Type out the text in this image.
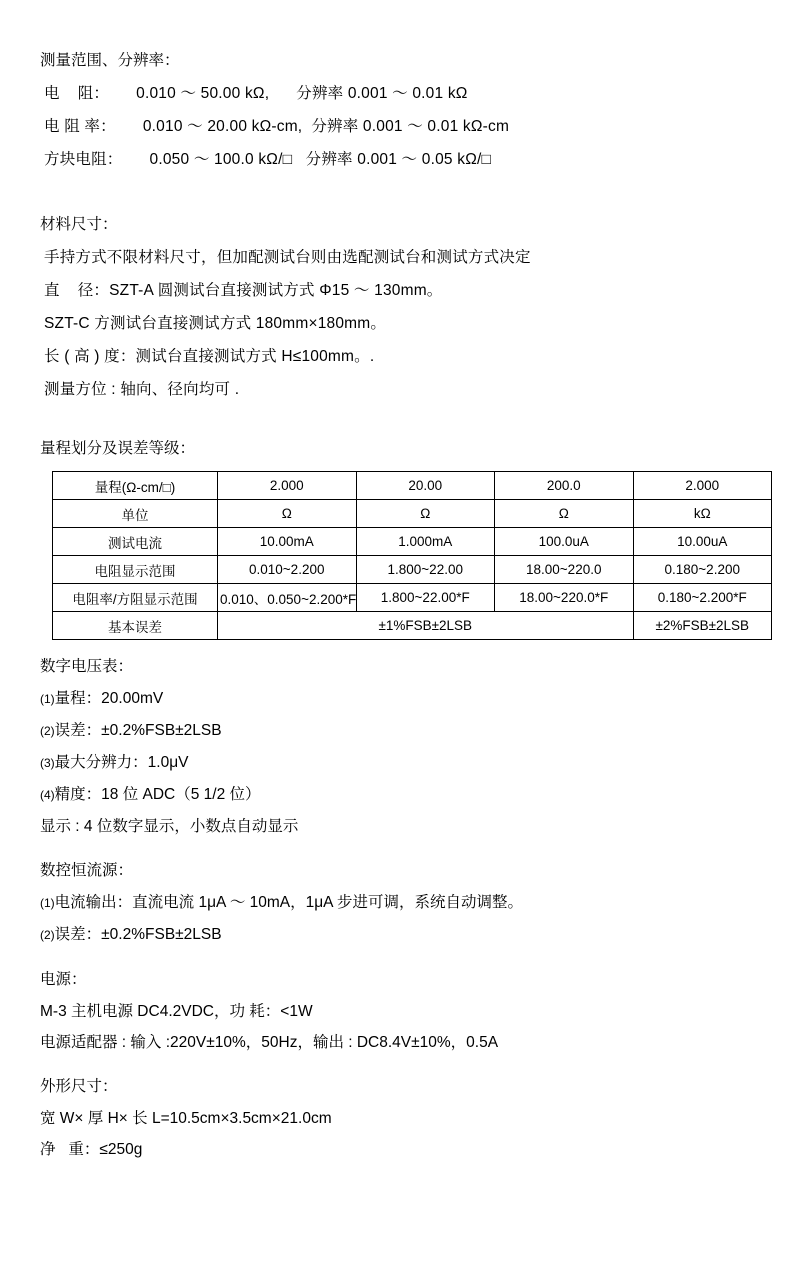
测量范围、分辨率：
电    阻：      0.010 ～ 50.00 kΩ,      分辨率 0.001 ～ 0.01 kΩ
电 阻 率：      0.010 ～ 20.00 kΩ-cm,  分辨率 0.001 ～ 0.01 kΩ-cm
方块电阻：      0.050 ～ 100.0 kΩ/□   分辨率 0.001 ～ 0.05 kΩ/□
材料尺寸：
手持方式不限材料尺寸，但加配测试台则由选配测试台和测试方式决定
直    径：SZT-A 圆测试台直接测试方式 Φ15 ～ 130mm。
SZT-C 方测试台直接测试方式 180mm×180mm。
长 ( 高 ) 度：测试台直接测试方式 H≤100mm。.
测量方位 : 轴向、径向均可 .
量程划分及误差等级：
量程(Ω-cm/□)	2.000	20.00	200.0	2.000
单位	Ω	Ω	Ω	kΩ
测试电流	10.00mA	1.000mA	100.0uA	10.00uA
电阻显示范围	0.010~2.200	1.800~22.00	18.00~220.0	0.180~2.200
电阻率/方阻显示范围	0.010、0.050~2.200*F	1.800~22.00*F	18.00~220.0*F	0.180~2.200*F
基本误差	±1%FSB±2LSB			±2%FSB±2LSB
数字电压表：
(1)量程：20.00mV
(2)误差：±0.2%FSB±2LSB
(3)最大分辨力：1.0μV
(4)精度：18 位 ADC（5 1/2 位）
显示 : 4 位数字显示，小数点自动显示
数控恒流源：
(1)电流输出：直流电流 1μA ～ 10mA，1μA 步进可调，系统自动调整。
(2)误差：±0.2%FSB±2LSB
电源：
M-3 主机电源 DC4.2VDC，功 耗：<1W
电源适配器 : 输入 :220V±10%，50Hz，输出 : DC8.4V±10%，0.5A
外形尺寸：
宽 W× 厚 H× 长 L=10.5cm×3.5cm×21.0cm
净   重：≤250g
